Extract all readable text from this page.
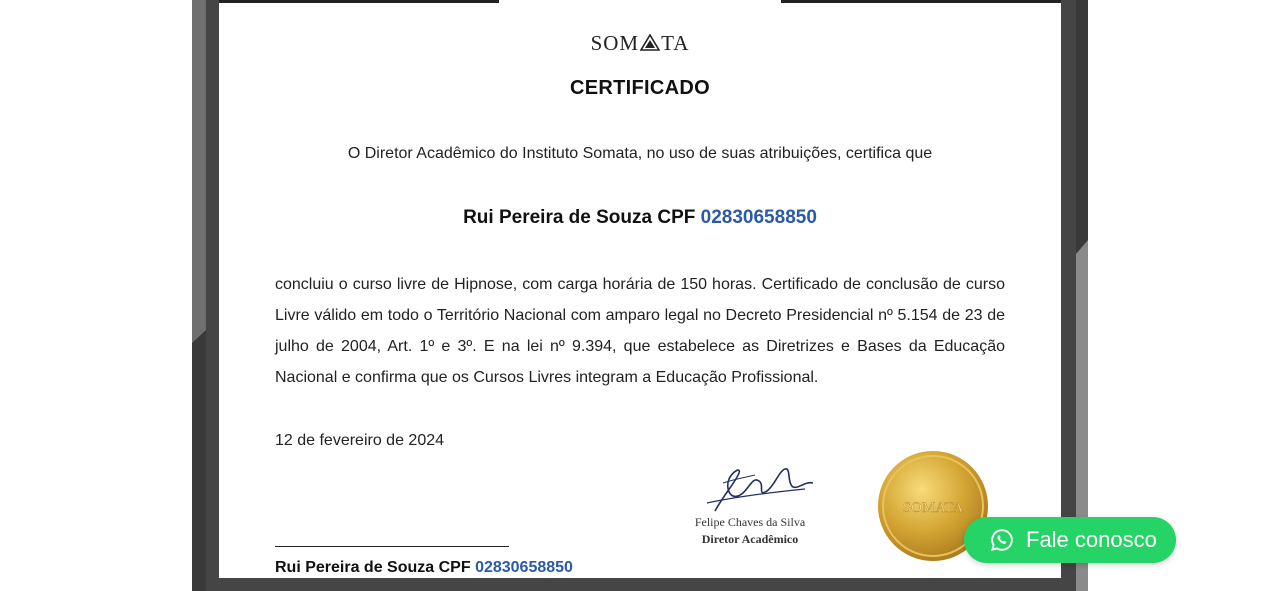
SOM TA
CERTIFICADO
O Diretor Acadêmico do Instituto Somata, no uso de suas atribuições, certifica que
Rui Pereira de Souza CPF 02830658850
concluiu o curso livre de Hipnose, com carga horária de 150 horas. Certificado de conclusão de curso Livre válido em todo o Território Nacional com amparo legal no Decreto Presidencial nº 5.154 de 23 de julho de 2004, Art. 1º e 3º. E na lei nº 9.394, que estabelece as Diretrizes e Bases da Educação Nacional e confirma que os Cursos Livres integram a Educação Profissional.
12 de fevereiro de 2024
Felipe Chaves da Silva
Diretor Acadêmico
SOMATA
Rui Pereira de Souza CPF 02830658850
Fale conosco
